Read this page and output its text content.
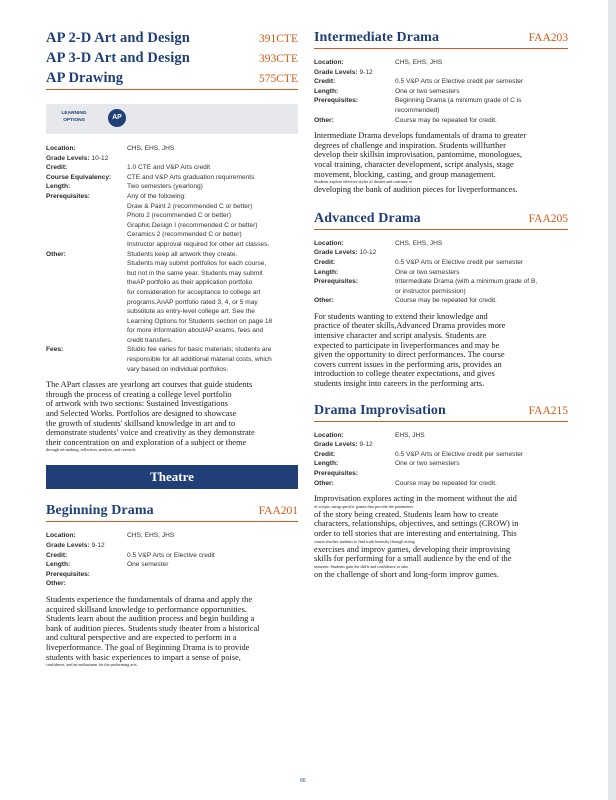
AP 2-D Art and Design	391CTE
AP 3-D Art and Design	393CTE
AP Drawing	575CTE
LEARNING
OPTIONS	AP
Location:	CHS, EHS, JHS
Grade Levels: 10-12
Credit:	1.0 CTE and V&P Arts credit
Course Equivalency:	CTE and V&P Arts graduation requirements
Length:	Two semesters (yearlong)
Prerequisites:	Any of the following:
Draw & Paint 2 (recommended C or better)
Photo 2 (recommended C or better)
Graphic Design I (recommended C or better)
Ceramics 2 (recommended C or better)
Instructor approval required for other art classes.
Other:	Students keep all artwork they create.
Students may submit portfolios for each course,
but not in the same year. Students may submit
theAP portfolio as their application portfolio
for consideration for acceptance to college art
programs.AnAP portfolio rated 3, 4, or 5 may
substitute as entry-level college art. See the
Learning Options for Students section on page 18
for more information aboutAP exams, fees and
credit transfers.
Fees:	Studio fee varies for basic materials; students are
responsible for all additional material costs, which
vary based on individual portfolios.
The APart classes are yearlong art courses that guide students
through the process of creating a college level portfolio
of artwork with two sections: Sustained Investigations
and Selected Works. Portfolios are designed to showcase
the growth of students' skillsand knowledge in art and to
demonstrate students' voice and creativity as they demonstrate
their concentration on and exploration of a subject or theme
through art-making, reflection, analysis, and research.
Theatre
Beginning Drama	FAA201
Location:	CHS, EHS, JHS
Grade Levels: 9-12
Credit:	0.5 V&P Arts or Elective credit
Length:	One semester
Prerequisites:
Other:
Students experience the fundamentals of drama and apply the
acquired skillsand knowledge to performance opportunities.
Students learn about the audition process and begin building a
bank of audition pieces. Students study theater from a historical
and cultural perspective and are expected to perform in a
liveperformance. The goal of Beginning Drama is to provide
students with basic experiences to impart a sense of poise,
confidence, and an enthusiasm for the performing arts.
Intermediate Drama	FAA203
Location:	CHS, EHS, JHS
Grade Levels: 9-12
Credit:	0.5 V&P Arts or Elective credit per semester
Length:	One or two semesters
Prerequisites:	Beginning Drama (a minimum grade of C is
recommended)
Other:	Course may be repeated for credit.
Intermediate Drama develops fundamentals of drama to greater
degrees of challenge and inspiration. Students willfurther
develop their skillsin improvisation, pantomime, monologues,
vocal training, character development, script analysis, stage
movement, blocking, casting, and group management.
Students explore effective styles of theater and continue to
developing the bank of audition pieces for liveperformances.
Advanced Drama	FAA205
Location:	CHS, EHS, JHS
Grade Levels: 10-12
Credit:	0.5 V&P Arts or Elective credit per semester
Length:	One or two semesters
Prerequisites:	Intermediate Drama (with a minimum grade of B,
or instructor permission)
Other:	Course may be repeated for credit.
For students wanting to extend their knowledge and
practice of theater skills,Advanced Drama provides more
intensive character and script analysis. Students are
expected to participate in liveperformances and may be
given the opportunity to direct performances. The course
covers current issues in the performing arts, provides an
introduction to college theater expectations, and gives
students insight into careers in the performing arts.
Drama Improvisation	FAA215
Location:	EHS, JHS
Grade Levels: 9-12
Credit:	0.5 V&P Arts or Elective credit per semester
Length:	One or two semesters
Prerequisites:
Other:	Course may be repeated for credit.
Improvisation explores acting in the moment without the aid
of scripts, using specific games that provide the parameters
of the story being created. Students learn how to create
characters, relationships, objectives, and settings (CROW) in
order to tell stories that are interesting and entertaining. This
course teaches students to find truth honestly through acting
exercises and improv games, developing their improvising
skills for performing for a small audience by the end of the
semester. Students gain the skills and confidence to take
on the challenge of short and long-form improv games.
66
